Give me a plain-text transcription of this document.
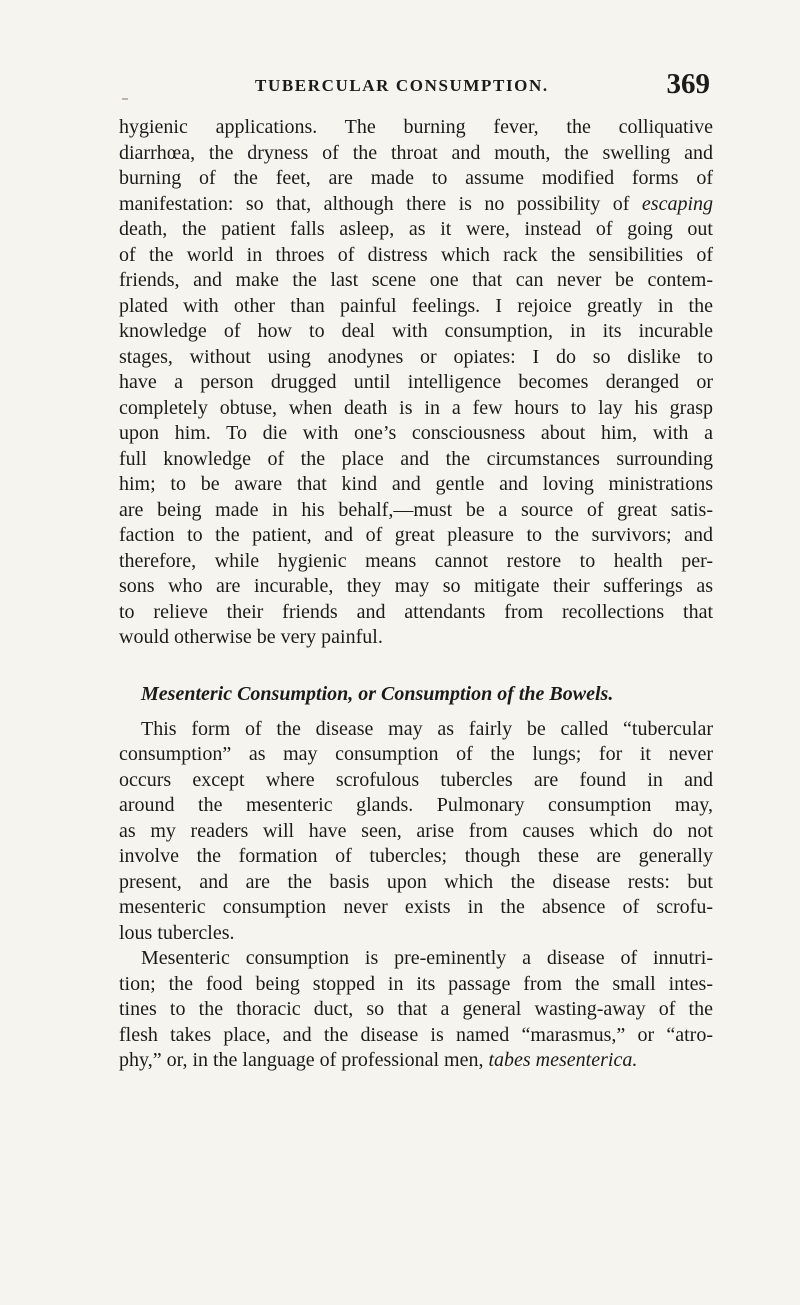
TUBERCULAR CONSUMPTION.	369
hygienic applications. The burning fever, the colliquative
diarrhœa, the dryness of the throat and mouth, the swelling and
burning of the feet, are made to assume modified forms of
manifestation: so that, although there is no possibility of escaping
death, the patient falls asleep, as it were, instead of going out
of the world in throes of distress which rack the sensibilities of
friends, and make the last scene one that can never be contem-
plated with other than painful feelings. I rejoice greatly in the
knowledge of how to deal with consumption, in its incurable
stages, without using anodynes or opiates: I do so dislike to
have a person drugged until intelligence becomes deranged or
completely obtuse, when death is in a few hours to lay his grasp
upon him. To die with one’s consciousness about him, with a
full knowledge of the place and the circumstances surrounding
him; to be aware that kind and gentle and loving ministrations
are being made in his behalf,—must be a source of great satis-
faction to the patient, and of great pleasure to the survivors; and
therefore, while hygienic means cannot restore to health per-
sons who are incurable, they may so mitigate their sufferings as
to relieve their friends and attendants from recollections that
would otherwise be very painful.
Mesenteric Consumption, or Consumption of the Bowels.
This form of the disease may as fairly be called “tubercular
consumption” as may consumption of the lungs; for it never
occurs except where scrofulous tubercles are found in and
around the mesenteric glands. Pulmonary consumption may,
as my readers will have seen, arise from causes which do not
involve the formation of tubercles; though these are generally
present, and are the basis upon which the disease rests: but
mesenteric consumption never exists in the absence of scrofu-
lous tubercles.
Mesenteric consumption is pre-eminently a disease of innutri-
tion; the food being stopped in its passage from the small intes-
tines to the thoracic duct, so that a general wasting-away of the
flesh takes place, and the disease is named “marasmus,” or “atro-
phy,” or, in the language of professional men, tabes mesenterica.
